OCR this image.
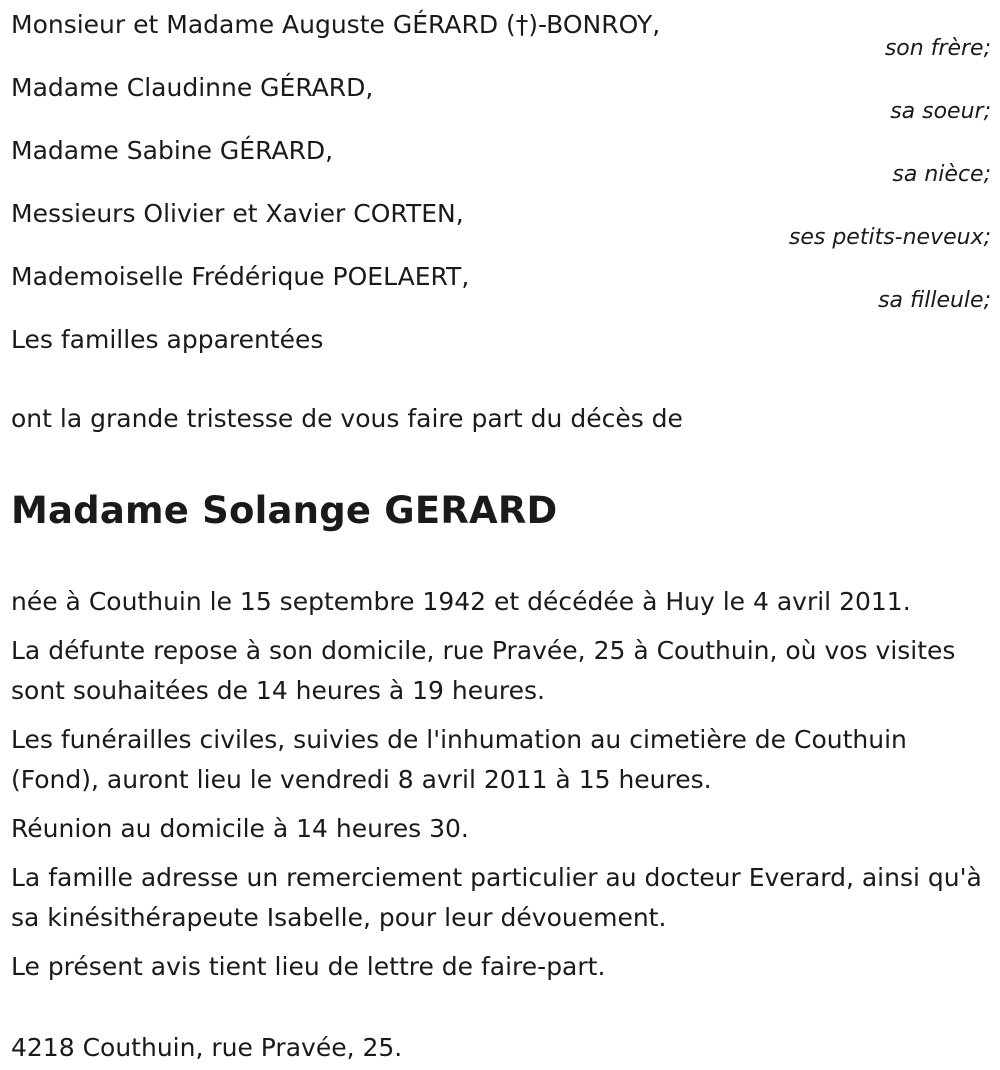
Monsieur et Madame Auguste GÉRARD (†)-BONROY,
son frère;
Madame Claudinne GÉRARD,
sa soeur;
Madame Sabine GÉRARD,
sa nièce;
Messieurs Olivier et Xavier CORTEN,
ses petits-neveux;
Mademoiselle Frédérique POELAERT,
sa filleule;
Les familles apparentées
ont la grande tristesse de vous faire part du décès de
Madame Solange GERARD

née à Couthuin le 15 septembre 1942 et décédée à Huy le 4 avril 2011.

La défunte repose à son domicile, rue Pravée, 25 à Couthuin, où vos visites sont souhaitées de 14 heures à 19 heures.

Les funérailles civiles, suivies de l'inhumation au cimetière de Couthuin (Fond), auront lieu le vendredi 8 avril 2011 à 15 heures.

Réunion au domicile à 14 heures 30.

La famille adresse un remerciement particulier au docteur Everard, ainsi qu'à sa kinésithérapeute Isabelle, pour leur dévouement.

Le présent avis tient lieu de lettre de faire-part.

4218 Couthuin, rue Pravée, 25.
